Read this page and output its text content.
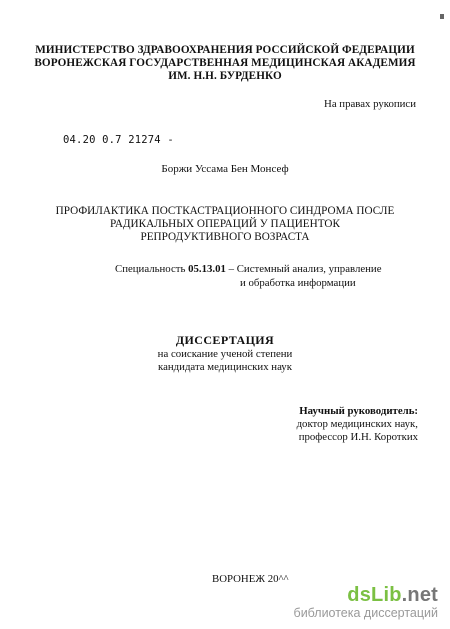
МИНИСТЕРСТВО ЗДРАВООХРАНЕНИЯ РОССИЙСКОЙ ФЕДЕРАЦИИ
ВОРОНЕЖСКАЯ ГОСУДАРСТВЕННАЯ МЕДИЦИНСКАЯ АКАДЕМИЯ
ИМ. Н.Н. БУРДЕНКО
На правах рукописи
04.20 0.7 21274 -
Боржи Уссама Бен Монсеф
ПРОФИЛАКТИКА ПОСТКАСТРАЦИОННОГО СИНДРОМА ПОСЛЕ
РАДИКАЛЬНЫХ ОПЕРАЦИЙ У ПАЦИЕНТОК
РЕПРОДУКТИВНОГО ВОЗРАСТА
Специальность 05.13.01 – Системный анализ, управление
и обработка информации
ДИССЕРТАЦИЯ
на соискание ученой степени
кандидата медицинских наук
Научный руководитель:
доктор медицинских наук,
профессор И.Н. Коротких
ВОРОНЕЖ 20^^
dsLib.net
библиотека диссертаций
